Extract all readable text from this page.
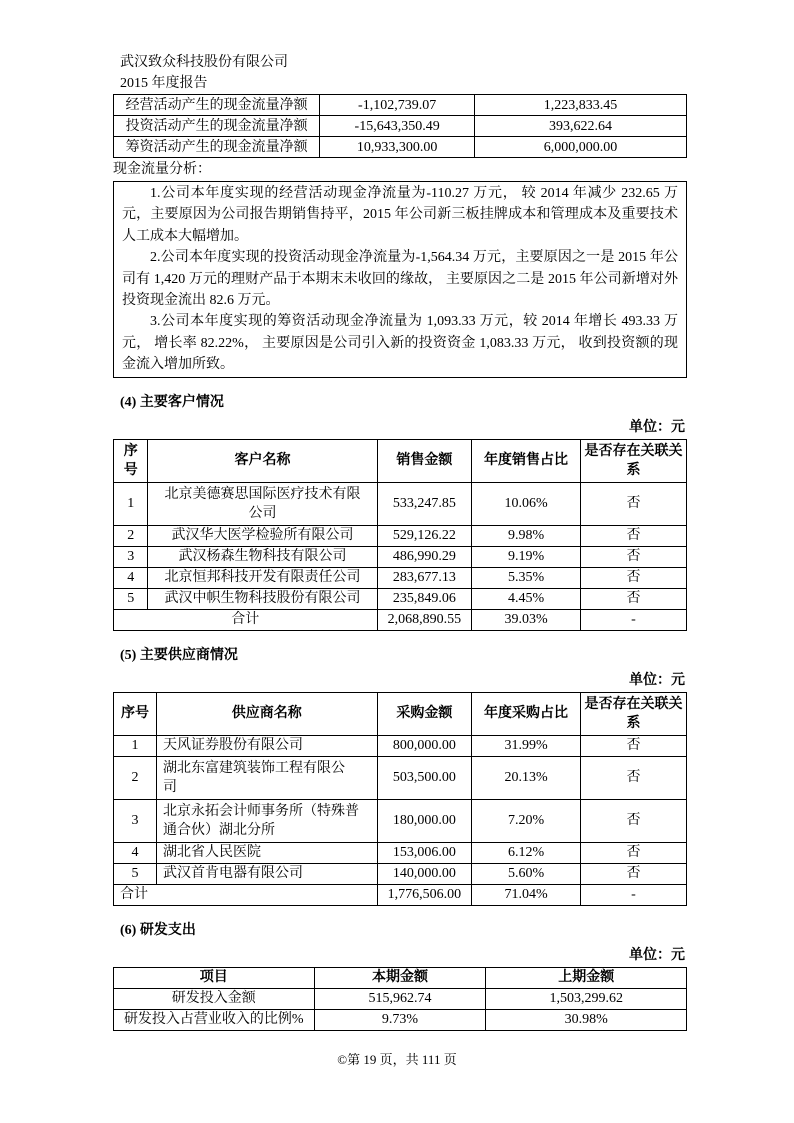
武汉致众科技股份有限公司
2015 年度报告
经营活动产生的现金流量净额	-1,102,739.07	1,223,833.45
投资活动产生的现金流量净额	-15,643,350.49	393,622.64
筹资活动产生的现金流量净额	10,933,300.00	6,000,000.00
现金流量分析：

1.公司本年度实现的经营活动现金净流量为-110.27 万元， 较 2014 年减少 232.65 万元，主要原因为公司报告期销售持平，2015 年公司新三板挂牌成本和管理成本及重要技术人工成本大幅增加。

2.公司本年度实现的投资活动现金净流量为-1,564.34 万元，主要原因之一是 2015 年公司有 1,420 万元的理财产品于本期末未收回的缘故， 主要原因之二是 2015 年公司新增对外投资现金流出 82.6 万元。

3.公司本年度实现的筹资活动现金净流量为 1,093.33 万元，较 2014 年增长 493.33 万元， 增长率 82.22%， 主要原因是公司引入新的投资资金 1,083.33 万元， 收到投资额的现金流入增加所致。

(4) 主要客户情况
单位：元
序号	客户名称	销售金额	年度销售占比	是否存在关联关系
1	北京美德赛思国际医疗技术有限公司	533,247.85	10.06%	否
2	武汉华大医学检验所有限公司	529,126.22	9.98%	否
3	武汉杨森生物科技有限公司	486,990.29	9.19%	否
4	北京恒邦科技开发有限责任公司	283,677.13	5.35%	否
5	武汉中帜生物科技股份有限公司	235,849.06	4.45%	否
合计		2,068,890.55	39.03%	-
(5) 主要供应商情况
单位：元
序号	供应商名称	采购金额	年度采购占比	是否存在关联关系
1	天风证券股份有限公司	800,000.00	31.99%	否
2	湖北东富建筑装饰工程有限公司	503,500.00	20.13%	否
3	北京永拓会计师事务所（特殊普通合伙）湖北分所	180,000.00	7.20%	否
4	湖北省人民医院	153,006.00	6.12%	否
5	武汉首肯电器有限公司	140,000.00	5.60%	否
合计		1,776,506.00	71.04%	-
(6) 研发支出
单位：元
项目	本期金额	上期金额
研发投入金额	515,962.74	1,503,299.62
研发投入占营业收入的比例%	9.73%	30.98%
©第 19 页，共 111 页
